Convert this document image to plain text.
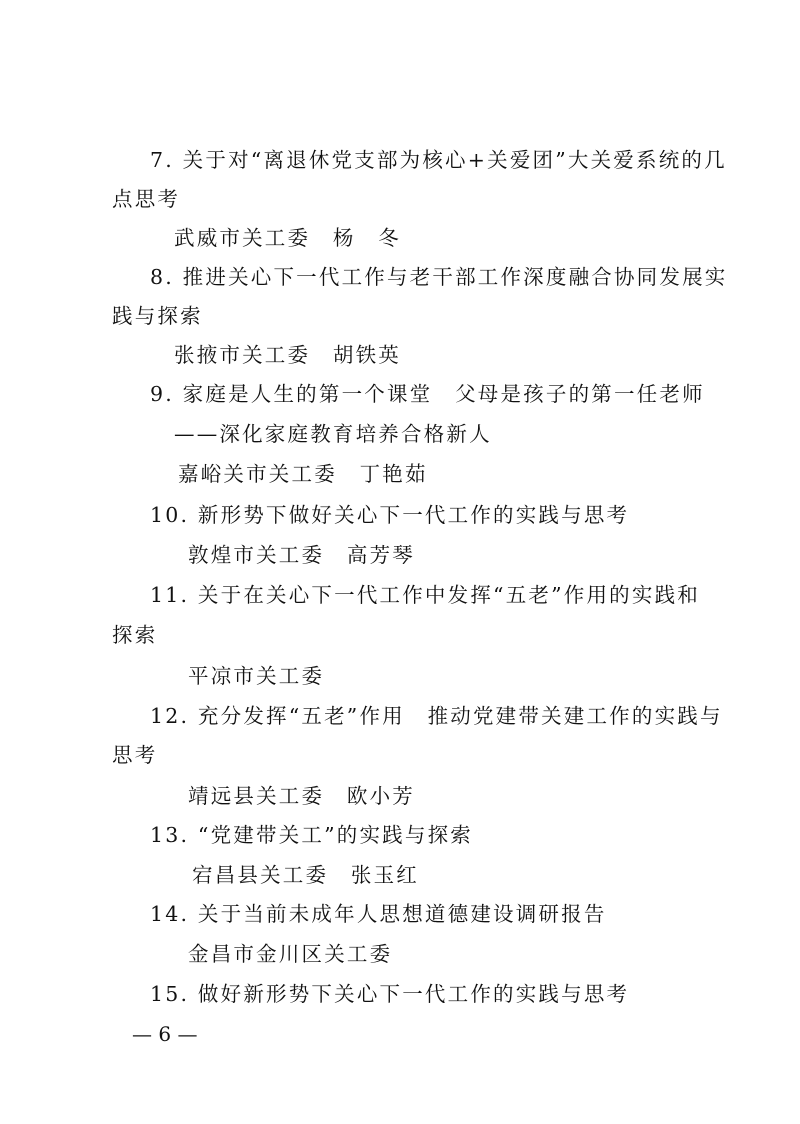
7. 关于对“离退休党支部为核心+关爱团”大关爱系统的几
点思考
武威市关工委　杨　冬
8. 推进关心下一代工作与老干部工作深度融合协同发展实
践与探索
张掖市关工委　胡铁英
9. 家庭是人生的第一个课堂　父母是孩子的第一任老师
——深化家庭教育培养合格新人
嘉峪关市关工委　丁艳茹
10. 新形势下做好关心下一代工作的实践与思考
敦煌市关工委　高芳琴
11. 关于在关心下一代工作中发挥“五老”作用的实践和
探索
平凉市关工委
12. 充分发挥“五老”作用　推动党建带关建工作的实践与
思考
靖远县关工委　欧小芳
13. “党建带关工”的实践与探索
宕昌县关工委　张玉红
14. 关于当前未成年人思想道德建设调研报告
金昌市金川区关工委
15. 做好新形势下关心下一代工作的实践与思考
— 6 —
